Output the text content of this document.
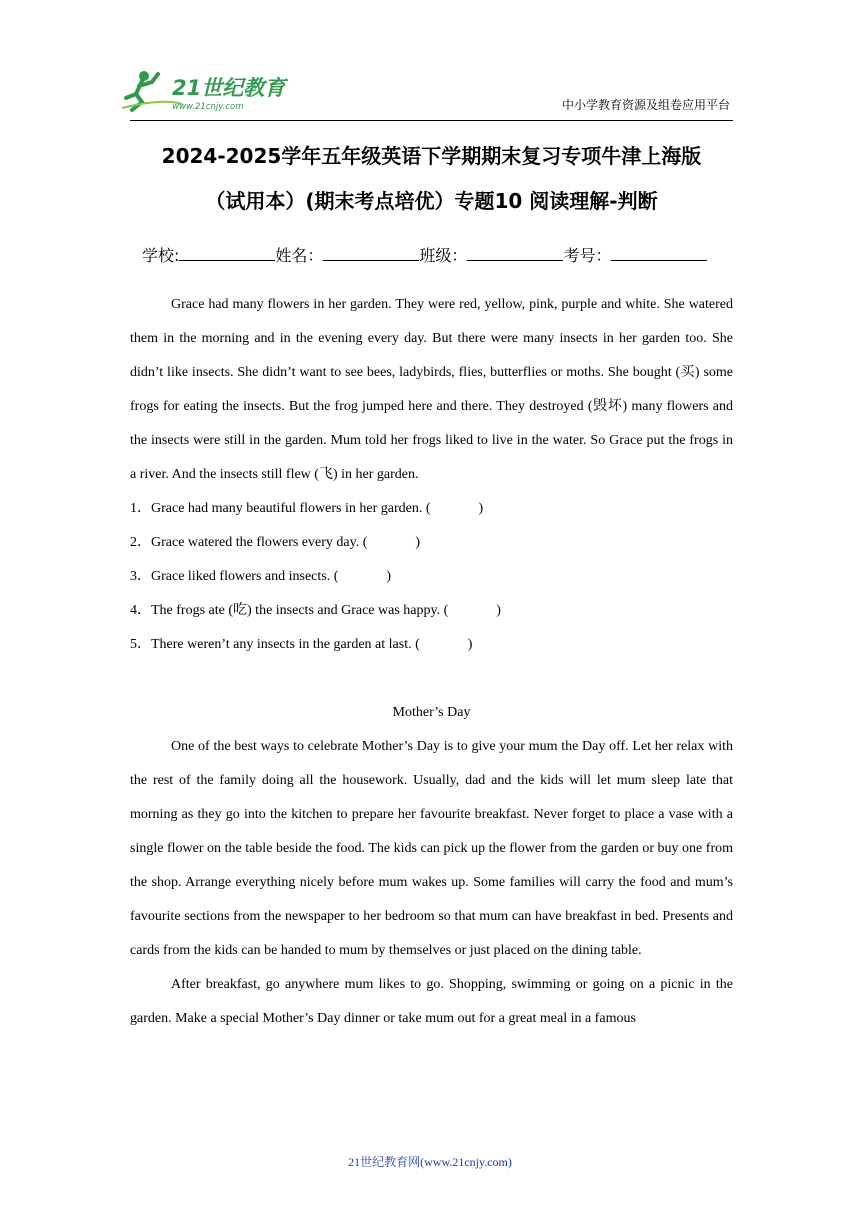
21世纪教育
www.21cnjy.com	中小学教育资源及组卷应用平台
2024-2025学年五年级英语下学期期末复习专项牛津上海版
（试用本）(期末考点培优）专题10 阅读理解-判断
学校:	姓名：	班级：	考号：

Grace had many flowers in her garden. They were red, yellow, pink, purple and white. She watered them in the morning and in the evening every day. But there were many insects in her garden too. She didn’t like insects. She didn’t want to see bees, ladybirds, flies, butterflies or moths. She bought (买) some frogs for eating the insects. But the frog jumped here and there. They destroyed (毁坏) many flowers and the insects were still in the garden. Mum told her frogs liked to live in the water. So Grace put the frogs in a river. And the insects still flew (飞) in her garden.

1．Grace had many beautiful flowers in her garden. (	)
2．Grace watered the flowers every day. (	)
3．Grace liked flowers and insects. (	)
4．The frogs ate (吃) the insects and Grace was happy. (	)
5．There weren’t any insects in the garden at last. (	)

Mother’s Day

One of the best ways to celebrate Mother’s Day is to give your mum the Day off. Let her relax with the rest of the family doing all the housework. Usually, dad and the kids will let mum sleep late that morning as they go into the kitchen to prepare her favourite breakfast. Never forget to place a vase with a single flower on the table beside the food. The kids can pick up the flower from the garden or buy one from the shop. Arrange everything nicely before mum wakes up. Some families will carry the food and mum’s favourite sections from the newspaper to her bedroom so that mum can have breakfast in bed. Presents and cards from the kids can be handed to mum by themselves or just placed on the dining table.

After breakfast, go anywhere mum likes to go. Shopping, swimming or going on a picnic in the garden. Make a special Mother’s Day dinner or take mum out for a great meal in a famous

21世纪教育网(www.21cnjy.com)
